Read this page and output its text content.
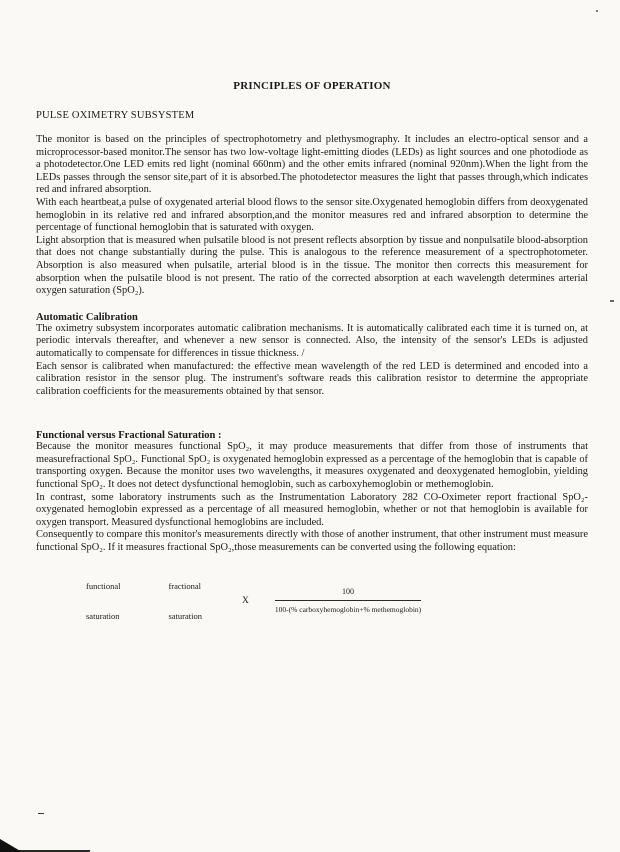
PRINCIPLES OF OPERATION
PULSE OXIMETRY SUBSYSTEM

The monitor is based on the principles of spectrophotometry and plethysmography. It includes an electro-optical sensor and a microprocessor-based monitor.The sensor has two low-voltage light-emitting diodes (LEDs) as light sources and one photodiode as a photodetector.One LED emits red light (nominal 660nm) and the other emits infrared (nominal 920nm).When the light from the LEDs passes through the sensor site,part of it is absorbed.The photodetector measures the light that passes through,which indicates red and infrared absorption.

With each heartbeat,a pulse of oxygenated arterial blood flows to the sensor site.Oxygenated hemoglobin differs from deoxygenated hemoglobin in its relative red and infrared absorption,and the monitor measures red and infrared absorption to determine the percentage of functional hemoglobin that is saturated with oxygen.

Light absorption that is measured when pulsatile blood is not present reflects absorption by tissue and nonpulsatile blood-absorption that does not change substantially during the pulse. This is analogous to the reference measurement of a spectrophotometer. Absorption is also measured when pulsatile, arterial blood is in the tissue. The monitor then corrects this measurement for absorption when the pulsatile blood is not present. The ratio of the corrected absorption at each wavelength determines arterial oxygen saturation (SpO₂).

Automatic Calibration

The oximetry subsystem incorporates automatic calibration mechanisms. It is automatically calibrated each time it is turned on, at periodic intervals thereafter, and whenever a new sensor is connected. Also, the intensity of the sensor's LEDs is adjusted automatically to compensate for differences in tissue thickness. /

Each sensor is calibrated when manufactured: the effective mean wavelength of the red LED is determined and encoded into a calibration resistor in the sensor plug. The instrument's software reads this calibration resistor to determine the appropriate calibration coefficients for the measurements obtained by that sensor.

Functional versus Fractional Saturation :

Because the monitor measures functional SpO₂, it may produce measurements that differ from those of instruments that measurefractional SpO₂. Functional SpO₂ is oxygenated hemoglobin expressed as a percentage of the hemoglobin that is capable of transporting oxygen. Because the monitor uses two wavelengths, it measures oxygenated and deoxygenated hemoglobin, yielding functional SpO₂. It does not detect dysfunctional hemoglobin, such as carboxyhemoglobin or methemoglobin.

In contrast, some laboratory instruments such as the Instrumentation Laboratory 282 CO-Oximeter report fractional SpO₂-oxygenated hemoglobin expressed as a percentage of all measured hemoglobin, whether or not that hemoglobin is available for oxygen transport. Measured dysfunctional hemoglobins are included.

Consequently to compare this monitor's measurements directly with those of another instrument, that other instrument must measure functional SpO₂. If it measures fractional SpO₂,those measurements can be converted using the following equation:

functional
saturation
fractional
saturation
X	$\frac{100}{\text{100-(\% carboxyhemoglobin+\% methemoglobin)}}$
